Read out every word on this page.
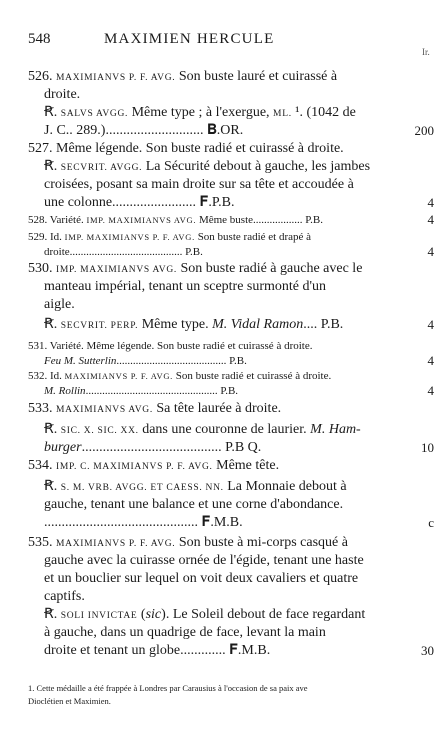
548	MAXIMIEN HERCULE
Ir.
526. MAXIMIANVS P. F. AVG. Son buste lauré et cuirassé à
droite.
Ꞧ. SALVS AVGG. Même type ; à l'exergue, ML. ¹. (1042 de
J. C.. 289.)............................ 𝐁.OR.
527. Même légende. Son buste radié et cuirassé à droite.
Ꞧ. SECVRIT. AVGG. La Sécurité debout à gauche, les jambes
croisées, posant sa main droite sur sa tête et accoudée à
une colonne........................ 𝐅.P.B.
528. Variété. IMP. MAXIMIANVS AVG. Même buste.................. P.B.
529. Id. IMP. MAXIMIANVS P. F. AVG. Son buste radié et drapé à
droite......................................... P.B.
530. IMP. MAXIMIANVS AVG. Son buste radié à gauche avec le
manteau impérial, tenant un sceptre surmonté d'un
aigle.
Ꞧ. SECVRIT. PERP. Même type. M. Vidal Ramon.... P.B.
531. Variété. Même légende. Son buste radié et cuirassé à droite.
Feu M. Sutterlin........................................ P.B.
532. Id. MAXIMIANVS P. F. AVG. Son buste radié et cuirassé à droite.
M. Rollin................................................ P.B.
533. MAXIMIANVS AVG. Sa tête laurée à droite.
Ꞧ. SIC. X. SIC. XX. dans une couronne de laurier. M. Ham-
burger........................................ P.B Q.
534. IMP. C. MAXIMIANVS P. F. AVG. Même tête.
Ꞧ. S. M. VRB. AVGG. ET CAESS. NN. La Monnaie debout à
gauche, tenant une balance et une corne d'abondance.
............................................ 𝐅.M.B.
535. MAXIMIANVS P. F. AVG. Son buste à mi-corps casqué à
gauche avec la cuirasse ornée de l'égide, tenant une haste
et un bouclier sur lequel on voit deux cavaliers et quatre
captifs.
Ꞧ. SOLI INVICTAE (sic). Le Soleil debout de face regardant
à gauche, dans un quadrige de face, levant la main
droite et tenant un globe............. 𝐅.M.B.
200
4
4
4
4
4
4
10
c
30
1. Cette médaille a été frappée à Londres par Carausius à l'occasion de sa paix ave
Dioclétien et Maximien.
